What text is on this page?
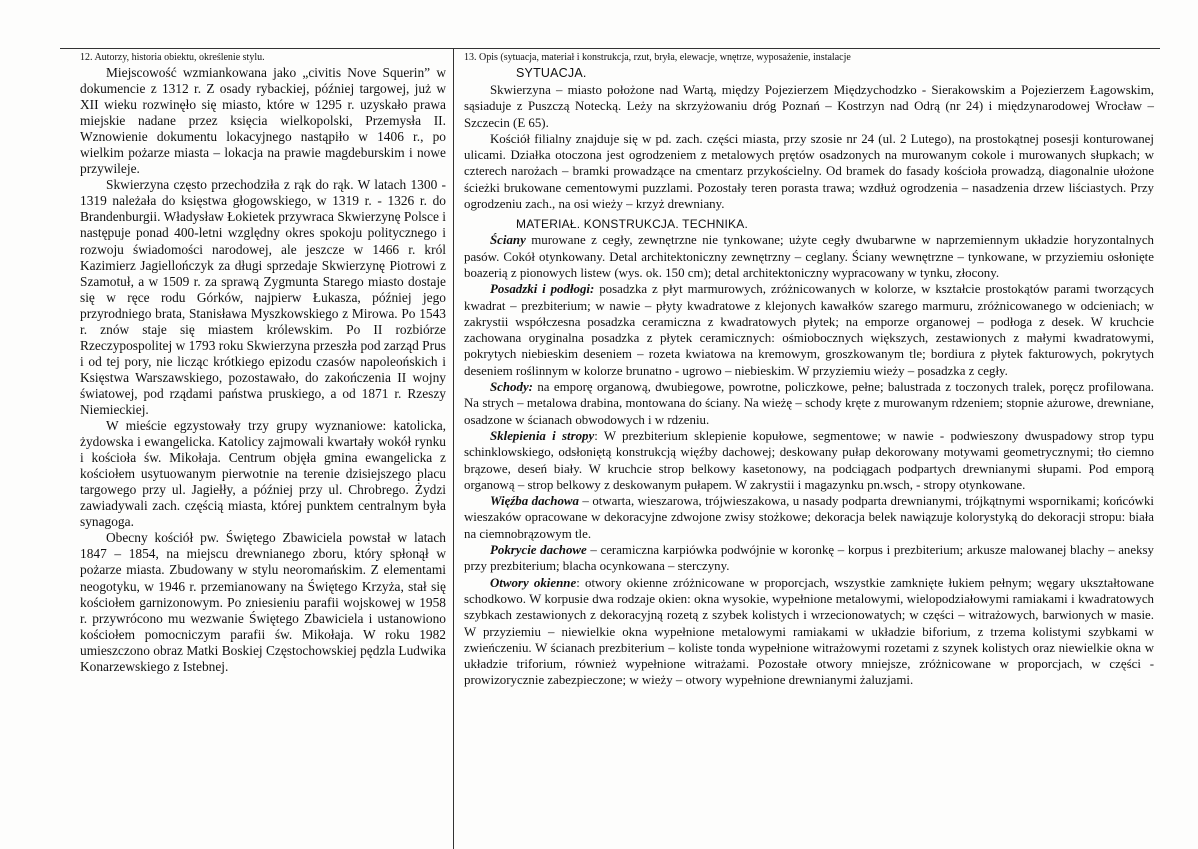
12. Autorzy, historia obiektu, określenie stylu.

Miejscowość wzmiankowana jako „civitis Nove Squerin” w dokumencie z 1312 r. Z osady rybackiej, później targowej, już w XII wieku rozwinęło się miasto, które w 1295 r. uzyskało prawa miejskie nadane przez księcia wielkopolski, Przemysła II. Wznowienie dokumentu lokacyjnego nastąpiło w 1406 r., po wielkim pożarze miasta – lokacja na prawie magdeburskim i nowe przywileje.

Skwierzyna często przechodziła z rąk do rąk. W latach 1300 - 1319 należała do księstwa głogowskiego, w 1319 r. - 1326 r. do Brandenburgii. Władysław Łokietek przywraca Skwierzynę Polsce i następuje ponad 400-letni względny okres spokoju politycznego i rozwoju świadomości narodowej, ale jeszcze w 1466 r. król Kazimierz Jagiellończyk za długi sprzedaje Skwierzynę Piotrowi z Szamotuł, a w 1509 r. za sprawą Zygmunta Starego miasto dostaje się w ręce rodu Górków, najpierw Łukasza, później jego przyrodniego brata, Stanisława Myszkowskiego z Mirowa. Po 1543 r. znów staje się miastem królewskim. Po II rozbiórze Rzeczypospolitej w 1793 roku Skwierzyna przeszła pod zarząd Prus i od tej pory, nie licząc krótkiego epizodu czasów napoleońskich i Księstwa Warszawskiego, pozostawało, do zakończenia II wojny światowej, pod rządami państwa pruskiego, a od 1871 r. Rzeszy Niemieckiej.

W mieście egzystowały trzy grupy wyznaniowe: katolicka, żydowska i ewangelicka. Katolicy zajmowali kwartały wokół rynku i kościoła św. Mikołaja. Centrum objęła gmina ewangelicka z kościołem usytuowanym pierwotnie na terenie dzisiejszego placu targowego przy ul. Jagiełły, a później przy ul. Chrobrego. Żydzi zawiadywali zach. częścią miasta, której punktem centralnym była synagoga.

Obecny kościół pw. Świętego Zbawiciela powstał w latach 1847 – 1854, na miejscu drewnianego zboru, który spłonął w pożarze miasta. Zbudowany w stylu neoromańskim. Z elementami neogotyku, w 1946 r. przemianowany na Świętego Krzyża, stał się kościołem garnizonowym. Po zniesieniu parafii wojskowej w 1958 r. przywrócono mu wezwanie Świętego Zbawiciela i ustanowiono kościołem pomocniczym parafii św. Mikołaja. W roku 1982 umieszczono obraz Matki Boskiej Częstochowskiej pędzla Ludwika Konarzewskiego z Istebnej.

13. Opis (sytuacja, materiał i konstrukcja, rzut, bryła, elewacje, wnętrze, wyposażenie, instalacje
SYTUACJA.

Skwierzyna – miasto położone nad Wartą, między Pojezierzem Międzychodzko - Sierakowskim a Pojezierzem Łagowskim, sąsiaduje z Puszczą Notecką. Leży na skrzyżowaniu dróg Poznań – Kostrzyn nad Odrą (nr 24) i międzynarodowej Wrocław – Szczecin (E 65).

Kościół filialny znajduje się w pd. zach. części miasta, przy szosie nr 24 (ul. 2 Lutego), na prostokątnej posesji konturowanej ulicami. Działka otoczona jest ogrodzeniem z metalowych prętów osadzonych na murowanym cokole i murowanych słupkach; w czterech narożach – bramki prowadzące na cmentarz przykościelny. Od bramek do fasady kościoła prowadzą, diagonalnie ułożone ścieżki brukowane cementowymi puzzlami. Pozostały teren porasta trawa; wzdłuż ogrodzenia – nasadzenia drzew liściastych. Przy ogrodzeniu zach., na osi wieży – krzyż drewniany.

MATERIAŁ. KONSTRUKCJA. TECHNIKA.

Ściany murowane z cegły, zewnętrzne nie tynkowane; użyte cegły dwubarwne w naprzemiennym układzie horyzontalnych pasów. Cokół otynkowany. Detal architektoniczny zewnętrzny – ceglany. Ściany wewnętrzne – tynkowane, w przyziemiu osłonięte boazerią z pionowych listew (wys. ok. 150 cm); detal architektoniczny wypracowany w tynku, złocony.

Posadzki i podłogi: posadzka z płyt marmurowych, zróżnicowanych w kolorze, w kształcie prostokątów parami tworzących kwadrat – prezbiterium; w nawie – płyty kwadratowe z klejonych kawałków szarego marmuru, zróżnicowanego w odcieniach; w zakrystii współczesna posadzka ceramiczna z kwadratowych płytek; na emporze organowej – podłoga z desek. W kruchcie zachowana oryginalna posadzka z płytek ceramicznych: ośmiobocznych większych, zestawionych z małymi kwadratowymi, pokrytych niebieskim deseniem – rozeta kwiatowa na kremowym, groszkowanym tle; bordiura z płytek fakturowych, pokrytych deseniem roślinnym w kolorze brunatno - ugrowo – niebieskim. W przyziemiu wieży – posadzka z cegły.

Schody: na emporę organową, dwubiegowe, powrotne, policzkowe, pełne; balustrada z toczonych tralek, poręcz profilowana. Na strych – metalowa drabina, montowana do ściany. Na wieżę – schody kręte z murowanym rdzeniem; stopnie ażurowe, drewniane, osadzone w ścianach obwodowych i w rdzeniu.

Sklepienia i stropy: W prezbiterium sklepienie kopułowe, segmentowe; w nawie - podwieszony dwuspadowy strop typu schinklowskiego, odsłoniętą konstrukcją więźby dachowej; deskowany pułap dekorowany motywami geometrycznymi; tło ciemno brązowe, deseń biały. W kruchcie strop belkowy kasetonowy, na podciągach podpartych drewnianymi słupami. Pod emporą organową – strop belkowy z deskowanym pułapem. W zakrystii i magazynku pn.wsch, - stropy otynkowane.

Więźba dachowa – otwarta, wieszarowa, trójwieszakowa, u nasady podparta drewnianymi, trójkątnymi wspornikami; końcówki wieszaków opracowane w dekoracyjne zdwojone zwisy stożkowe; dekoracja belek nawiązuje kolorystyką do dekoracji stropu: biała na ciemnobrązowym tle.

Pokrycie dachowe – ceramiczna karpiówka podwójnie w koronkę – korpus i prezbiterium; arkusze malowanej blachy – aneksy przy prezbiterium; blacha ocynkowana – sterczyny.

Otwory okienne: otwory okienne zróżnicowane w proporcjach, wszystkie zamknięte łukiem pełnym; węgary ukształtowane schodkowo. W korpusie dwa rodzaje okien: okna wysokie, wypełnione metalowymi, wielopodziałowymi ramiakami i kwadratowych szybkach zestawionych z dekoracyjną rozetą z szybek kolistych i wrzecionowatych; w części – witrażowych, barwionych w masie. W przyziemiu – niewielkie okna wypełnione metalowymi ramiakami w układzie biforium, z trzema kolistymi szybkami w zwieńczeniu. W ścianach prezbiterium – koliste tonda wypełnione witrażowymi rozetami z szynek kolistych oraz niewielkie okna w układzie triforium, również wypełnione witrażami. Pozostałe otwory mniejsze, zróżnicowane w proporcjach, w części - prowizorycznie zabezpieczone; w wieży – otwory wypełnione drewnianymi żaluzjami.
